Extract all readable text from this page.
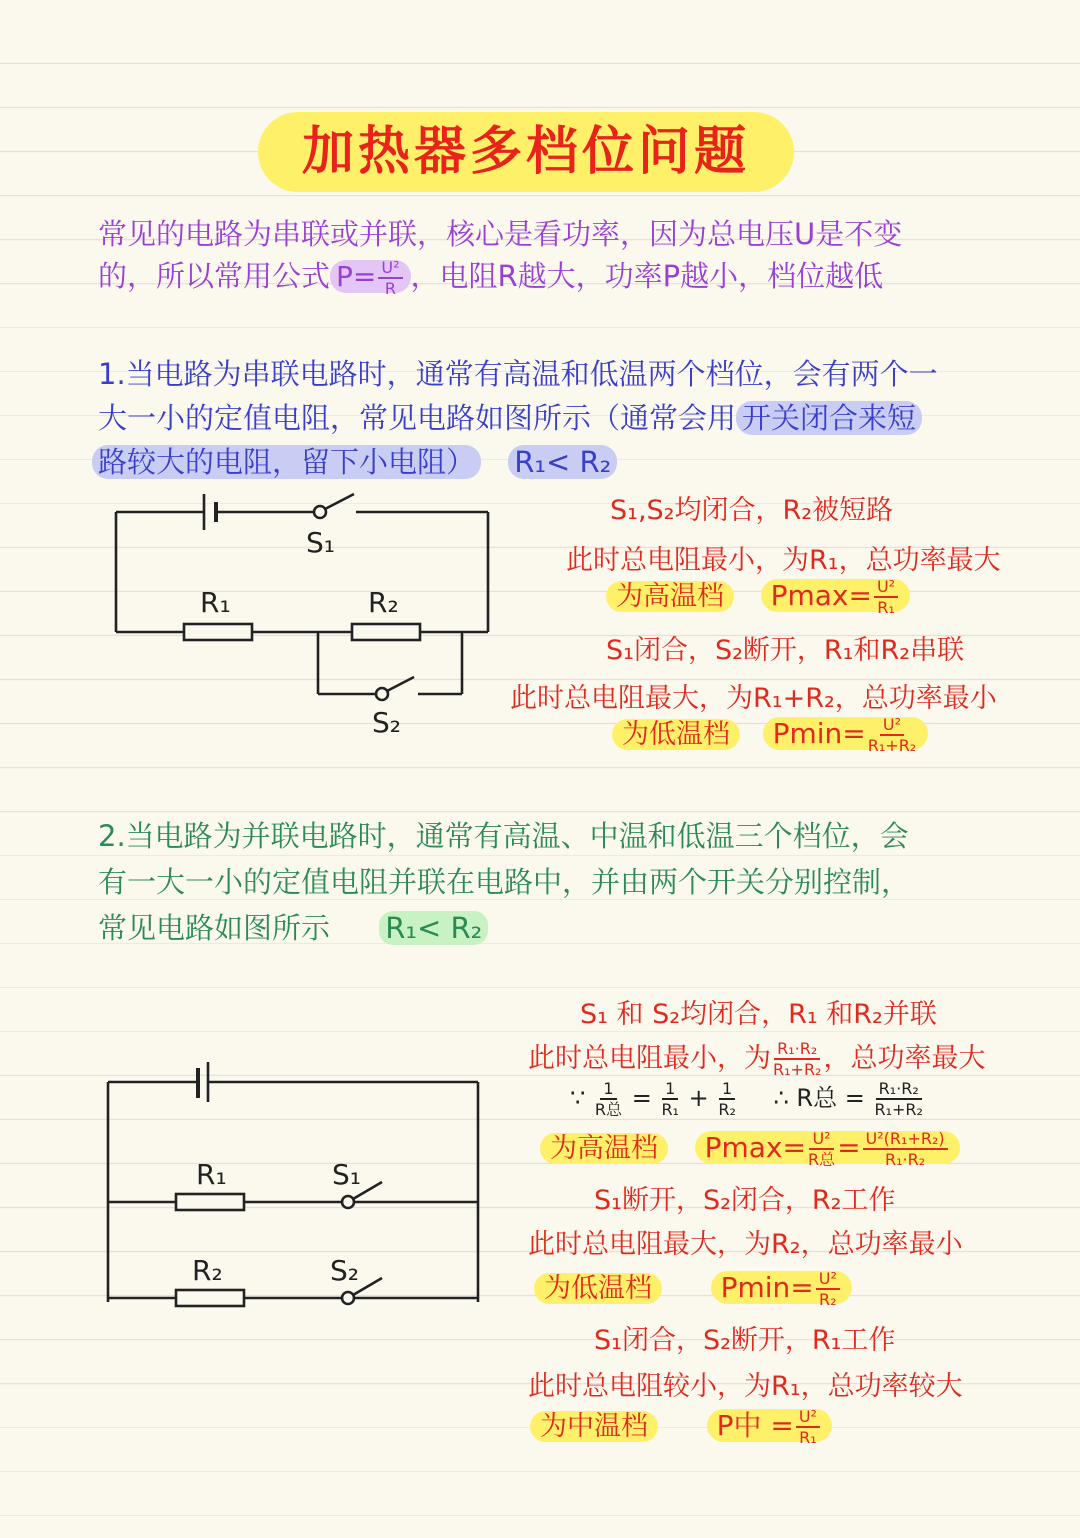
加热器多档位问题
常见的电路为串联或并联，核心是看功率，因为总电压U是不变
的，所以常用公式 $P= \frac{\text{U²}}{R}$ ，电阻R越大，功率P越小，档位越低
1.当电路为串联电路时，通常有高温和低温两个档位，会有两个一
大一小的定值电阻，常见电路如图所示（通常会用 开关闭合来短
路较大的电阻，留下小电阻） R₁< R₂
S₁
R₁	R₂
S₂
S₁,S₂均闭合，R₂被短路
此时总电阻最小，为R₁，总功率最大
为高温档 $Pmax= \frac{\text{U²}}{\text{R₁}}$
S₁闭合，S₂断开，R₁和R₂串联
此时总电阻最大，为R₁+R₂，总功率最小
为低温档 $Pmin= \frac{\text{U²}}{\text{R₁+R₂}}$
2.当电路为并联电路时，通常有高温、中温和低温三个档位，会
有一大一小的定值电阻并联在电路中，并由两个开关分别控制，
常见电路如图所示 R₁< R₂
R₁	S₁
R₂	S₂
S₁ 和 S₂均闭合，R₁ 和R₂并联
此时总电阻最小，为 $\frac{\text{R₁·R₂}}{\text{R₁+R₂}}$ ，总功率最大
∵ $\frac{1}{\text{R总}} = \frac{1}{\text{R₁}} + \frac{1}{\text{R₂}}$ ∴ R总 = $\frac{\text{R₁·R₂}}{\text{R₁+R₂}}$
为高温档 $Pmax= \frac{\text{U²}}{\text{R总}} = \frac{\text{U²(R₁+R₂)}}{\text{R₁·R₂}}$
S₁断开，S₂闭合，R₂工作
此时总电阻最大，为R₂，总功率最小
为低温档 $Pmin= \frac{\text{U²}}{\text{R₂}}$
S₁闭合，S₂断开，R₁工作
此时总电阻较小，为R₁，总功率较大
为中温档 P中 = $\frac{\text{U²}}{\text{R₁}}$
